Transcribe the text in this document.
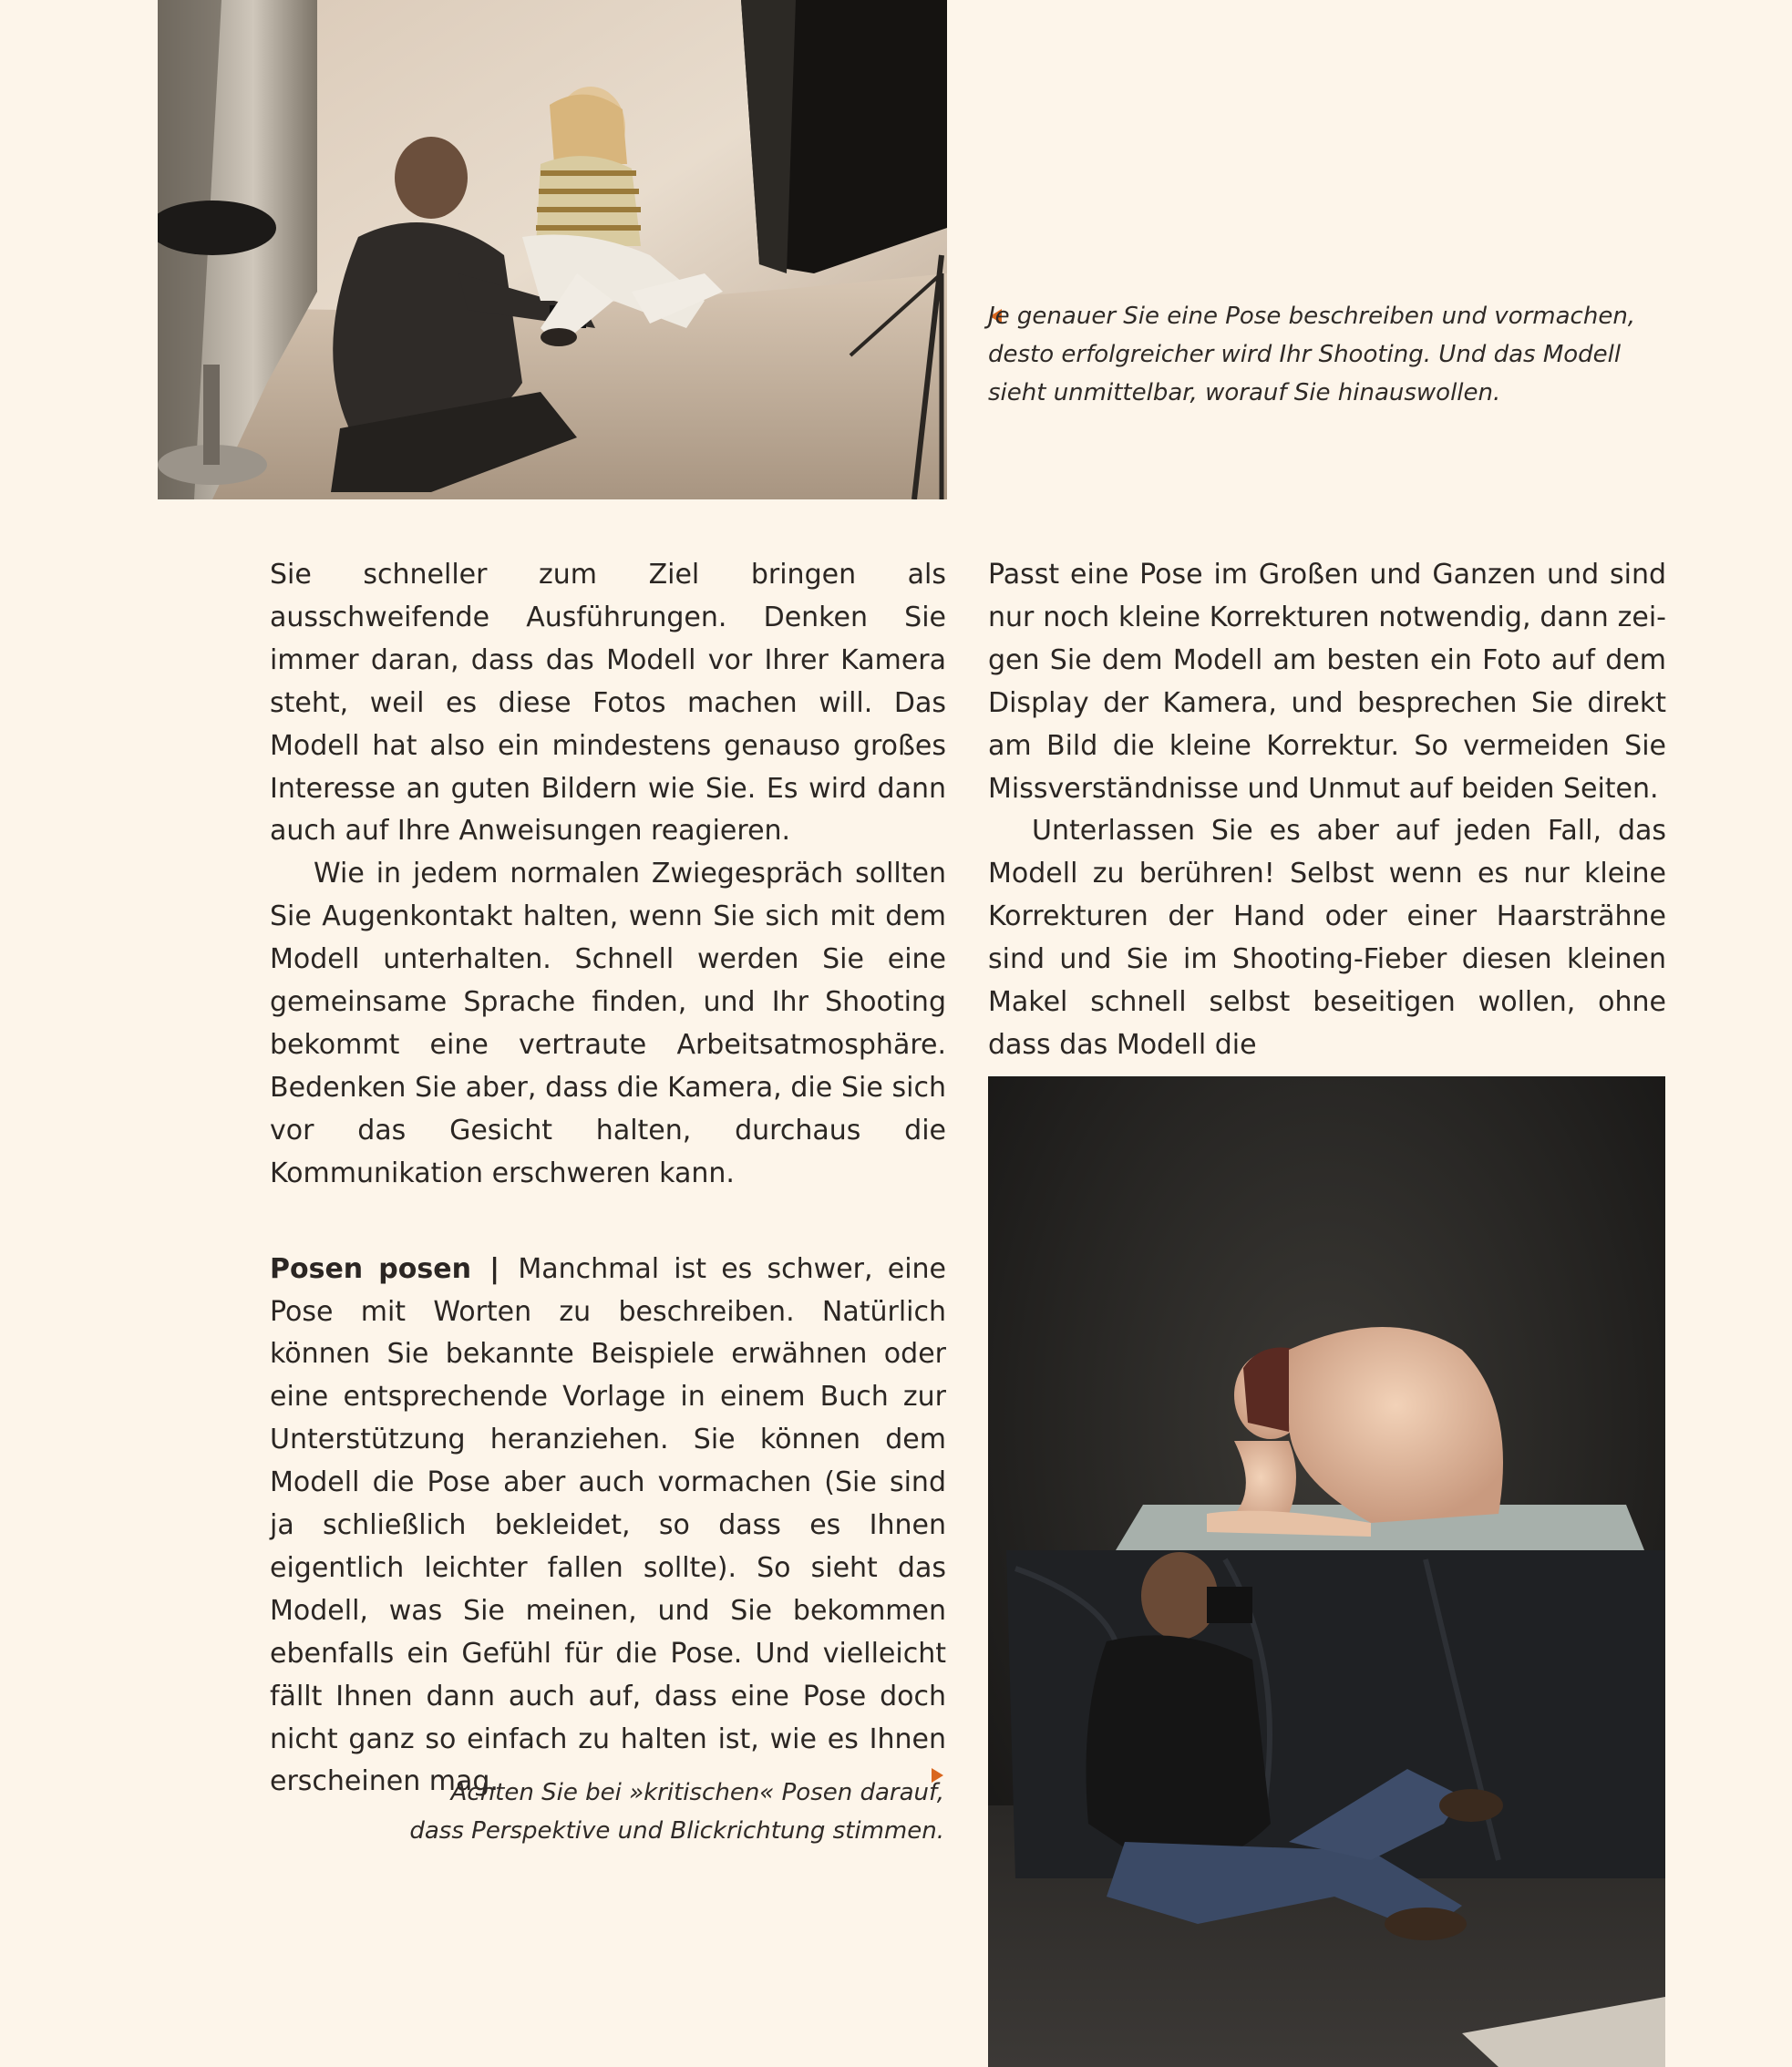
Je genauer Sie eine Pose beschreiben und vormachen, desto erfolgreicher wird Ihr Shooting. Und das Modell sieht unmittelbar, worauf Sie hinauswollen.

Sie schneller zum Ziel bringen als ausschweifende Ausführungen. Denken Sie immer daran, dass das Modell vor Ihrer Kamera steht, weil es diese Fotos machen will. Das Modell hat also ein mindestens genauso großes Interesse an guten Bildern wie Sie. Es wird dann auch auf Ihre Anweisungen reagieren.

Wie in jedem normalen Zwiegespräch sollten Sie Augenkontakt halten, wenn Sie sich mit dem Modell unterhalten. Schnell werden Sie eine gemeinsame Sprache finden, und Ihr Shooting bekommt eine vertraute Arbeitsatmosphäre. Bedenken Sie aber, dass die Kamera, die Sie sich vor das Gesicht halten, durchaus die Kommunikation erschweren kann.

Posen posen | Manchmal ist es schwer, eine Pose mit Worten zu beschreiben. Natürlich können Sie bekannte Beispiele erwähnen oder eine entsprechende Vorlage in einem Buch zur Unterstützung heranziehen. Sie können dem Modell die Pose aber auch vormachen (Sie sind ja schließlich bekleidet, so dass es Ihnen eigentlich leichter fallen sollte). So sieht das Modell, was Sie meinen, und Sie bekommen ebenfalls ein Gefühl für die Pose. Und vielleicht fällt Ihnen dann auch auf, dass eine Pose doch nicht ganz so einfach zu halten ist, wie es Ihnen erscheinen mag.

Passt eine Pose im Großen und Ganzen und sind nur noch kleine Korrekturen notwendig, dann zeigen Sie dem Modell am besten ein Foto auf dem Display der Kamera, und besprechen Sie direkt am Bild die kleine Korrektur. So vermeiden Sie Missverständnisse und Unmut auf beiden Seiten.

Unterlassen Sie es aber auf jeden Fall, das Modell zu berühren! Selbst wenn es nur kleine Korrekturen der Hand oder einer Haarsträhne sind und Sie im Shooting-Fieber diesen kleinen Makel schnell selbst beseitigen wollen, ohne dass das Modell die

Achten Sie bei »kritischen« Posen darauf, dass Perspektive und Blickrichtung stimmen.
